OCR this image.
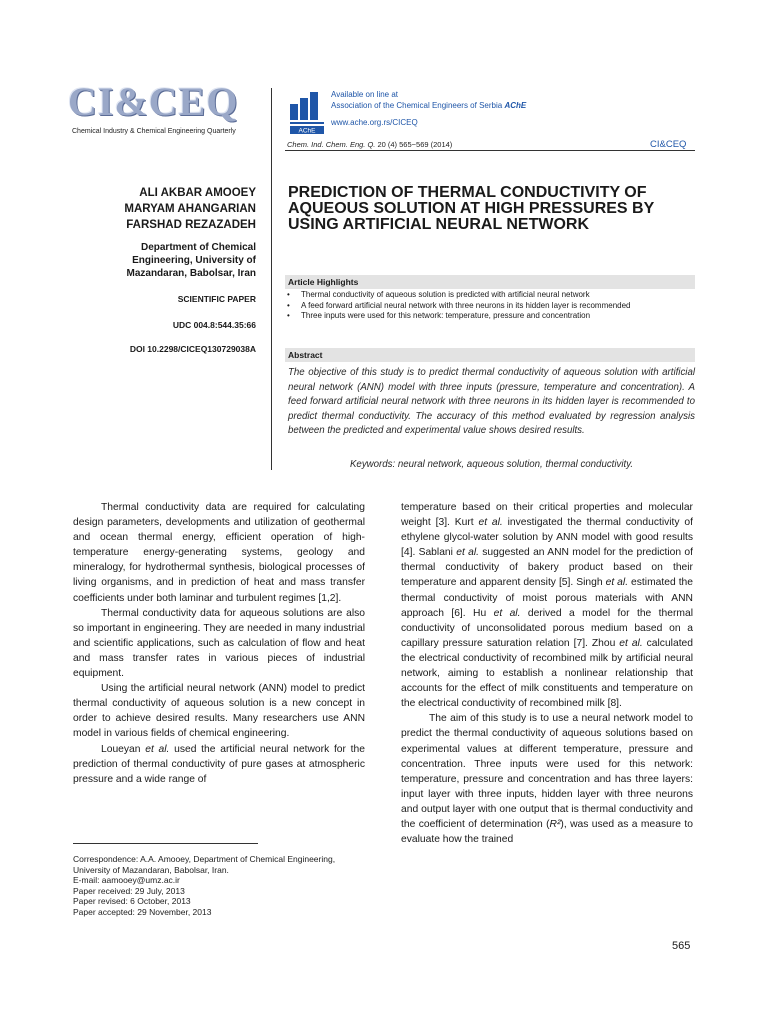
CI&CEQ
Chemical Industry & Chemical Engineering Quarterly	AChE
Available on line at
Association of the Chemical Engineers of Serbia AChE
www.ache.org.rs/CICEQ
Chem. Ind. Chem. Eng. Q. 20 (4) 565−569 (2014)	CI&CEQ
ALI AKBAR AMOOEY
MARYAM AHANGARIAN
FARSHAD REZAZADEH
Department of Chemical Engineering, University of Mazandaran, Babolsar, Iran
SCIENTIFIC PAPER
UDC 004.8:544.35:66
DOI 10.2298/CICEQ130729038A
PREDICTION OF THERMAL CONDUCTIVITY OF AQUEOUS SOLUTION AT HIGH PRESSURES BY USING ARTIFICIAL NEURAL NETWORK
Article Highlights
• Thermal conductivity of aqueous solution is predicted with artificial neural network
• A feed forward artificial neural network with three neurons in its hidden layer is recommended
• Three inputs were used for this network: temperature, pressure and concentration
Abstract
The objective of this study is to predict thermal conductivity of aqueous solution with artificial neural network (ANN) model with three inputs (pressure, temperature and concentration). A feed forward artificial neural network with three neurons in its hidden layer is recommended to predict thermal conductivity. The accuracy of this method evaluated by regression analysis between the predicted and experimental value shows desired results.
Keywords: neural network, aqueous solution, thermal conductivity.

Thermal conductivity data are required for calculating design parameters, developments and utilization of geothermal and ocean thermal energy, efficient operation of high-temperature energy-generating systems, geology and mineralogy, for hydrothermal synthesis, biological processes of living organisms, and in prediction of heat and mass transfer coefficients under both laminar and turbulent regimes [1,2].

Thermal conductivity data for aqueous solutions are also so important in engineering. They are needed in many industrial and scientific applications, such as calculation of flow and heat and mass transfer rates in various pieces of industrial equipment.

Using the artificial neural network (ANN) model to predict thermal conductivity of aqueous solution is a new concept in order to achieve desired results. Many researchers use ANN model in various fields of chemical engineering.

Loueyan et al. used the artificial neural network for the prediction of thermal conductivity of pure gases at atmospheric pressure and a wide range of

temperature based on their critical properties and molecular weight [3]. Kurt et al. investigated the thermal conductivity of ethylene glycol-water solution by ANN model with good results [4]. Sablani et al. suggested an ANN model for the prediction of thermal conductivity of bakery product based on their temperature and apparent density [5]. Singh et al. estimated the thermal conductivity of moist porous materials with ANN approach [6]. Hu et al. derived a model for the thermal conductivity of unconsolidated porous medium based on a capillary pressure saturation relation [7]. Zhou et al. calculated the electrical conductivity of recombined milk by artificial neural network, aiming to establish a nonlinear relationship that accounts for the effect of milk constituents and temperature on the electrical conductivity of recombined milk [8].

The aim of this study is to use a neural network model to predict the thermal conductivity of aqueous solutions based on experimental values at different temperature, pressure and concentration. Three inputs were used for this network: temperature, pressure and concentration and has three layers: input layer with three inputs, hidden layer with three neurons and output layer with one output that is thermal conductivity and the coefficient of determination (R²), was used as a measure to evaluate how the trained

Correspondence: A.A. Amooey, Department of Chemical Engineering, University of Mazandaran, Babolsar, Iran.
E-mail: aamooey@umz.ac.ir
Paper received: 29 July, 2013
Paper revised: 6 October, 2013
Paper accepted: 29 November, 2013
565
